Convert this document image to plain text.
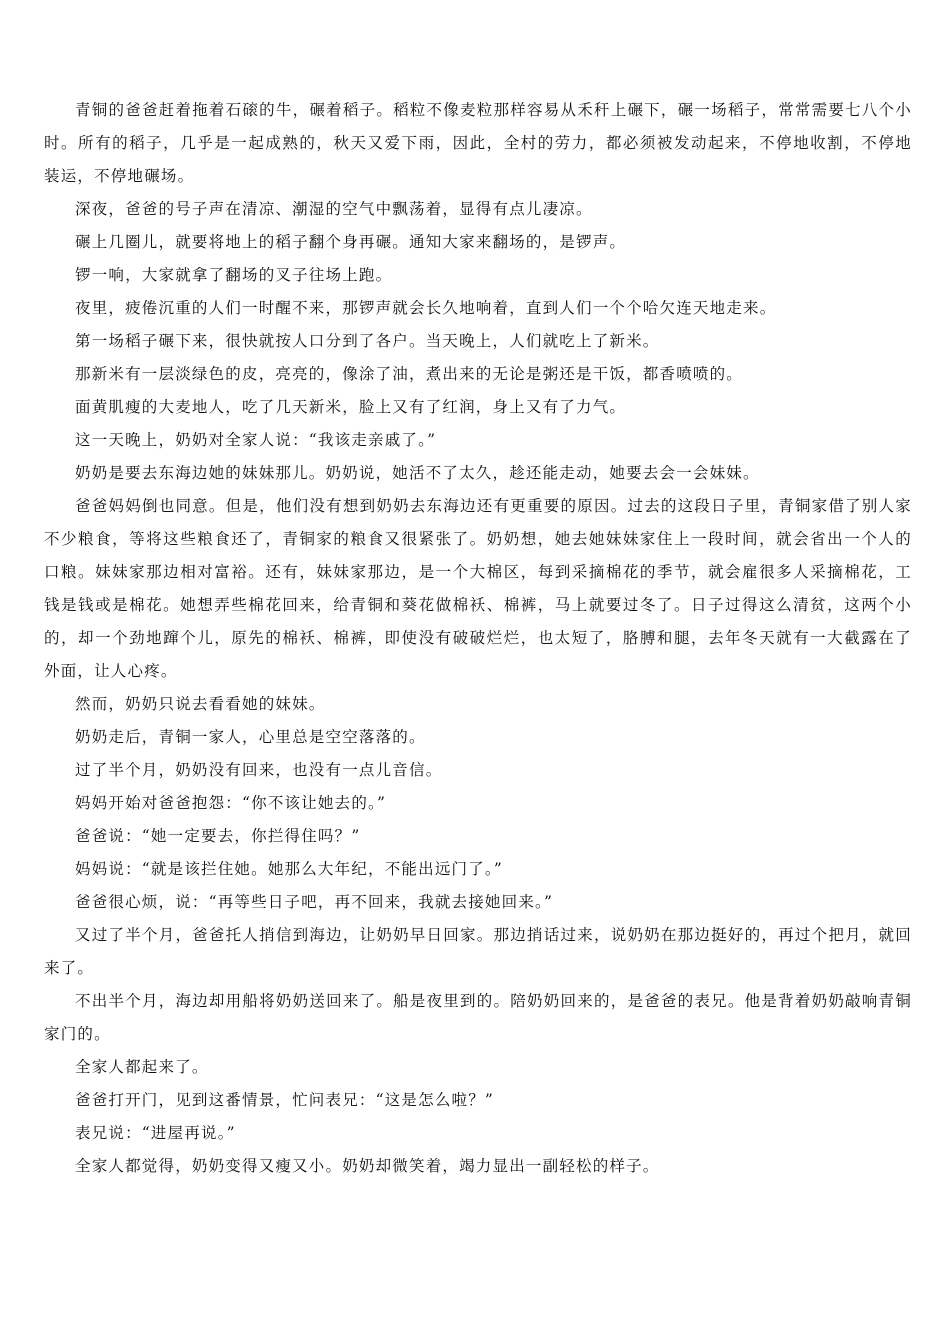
青铜的爸爸赶着拖着石磙的牛，碾着稻子。稻粒不像麦粒那样容易从禾秆上碾下，碾一场稻子，常常需要七八个小时。所有的稻子，几乎是一起成熟的，秋天又爱下雨，因此，全村的劳力，都必须被发动起来，不停地收割，不停地装运，不停地碾场。

深夜，爸爸的号子声在清凉、潮湿的空气中飘荡着，显得有点儿凄凉。

碾上几圈儿，就要将地上的稻子翻个身再碾。通知大家来翻场的，是锣声。

锣一响，大家就拿了翻场的叉子往场上跑。

夜里，疲倦沉重的人们一时醒不来，那锣声就会长久地响着，直到人们一个个哈欠连天地走来。

第一场稻子碾下来，很快就按人口分到了各户。当天晚上，人们就吃上了新米。

那新米有一层淡绿色的皮，亮亮的，像涂了油，煮出来的无论是粥还是干饭，都香喷喷的。

面黄肌瘦的大麦地人，吃了几天新米，脸上又有了红润，身上又有了力气。

这一天晚上，奶奶对全家人说：“我该走亲戚了。”

奶奶是要去东海边她的妹妹那儿。奶奶说，她活不了太久，趁还能走动，她要去会一会妹妹。

爸爸妈妈倒也同意。但是，他们没有想到奶奶去东海边还有更重要的原因。过去的这段日子里，青铜家借了别人家不少粮食，等将这些粮食还了，青铜家的粮食又很紧张了。奶奶想，她去她妹妹家住上一段时间，就会省出一个人的口粮。妹妹家那边相对富裕。还有，妹妹家那边，是一个大棉区，每到采摘棉花的季节，就会雇很多人采摘棉花，工钱是钱或是棉花。她想弄些棉花回来，给青铜和葵花做棉袄、棉裤，马上就要过冬了。日子过得这么清贫，这两个小的，却一个劲地蹿个儿，原先的棉袄、棉裤，即使没有破破烂烂，也太短了，胳膊和腿，去年冬天就有一大截露在了外面，让人心疼。

然而，奶奶只说去看看她的妹妹。

奶奶走后，青铜一家人，心里总是空空落落的。

过了半个月，奶奶没有回来，也没有一点儿音信。

妈妈开始对爸爸抱怨：“你不该让她去的。”

爸爸说：“她一定要去，你拦得住吗？”

妈妈说：“就是该拦住她。她那么大年纪，不能出远门了。”

爸爸很心烦，说：“再等些日子吧，再不回来，我就去接她回来。”

又过了半个月，爸爸托人捎信到海边，让奶奶早日回家。那边捎话过来，说奶奶在那边挺好的，再过个把月，就回来了。

不出半个月，海边却用船将奶奶送回来了。船是夜里到的。陪奶奶回来的，是爸爸的表兄。他是背着奶奶敲响青铜家门的。

全家人都起来了。

爸爸打开门，见到这番情景，忙问表兄：“这是怎么啦？”

表兄说：“进屋再说。”

全家人都觉得，奶奶变得又瘦又小。奶奶却微笑着，竭力显出一副轻松的样子。
